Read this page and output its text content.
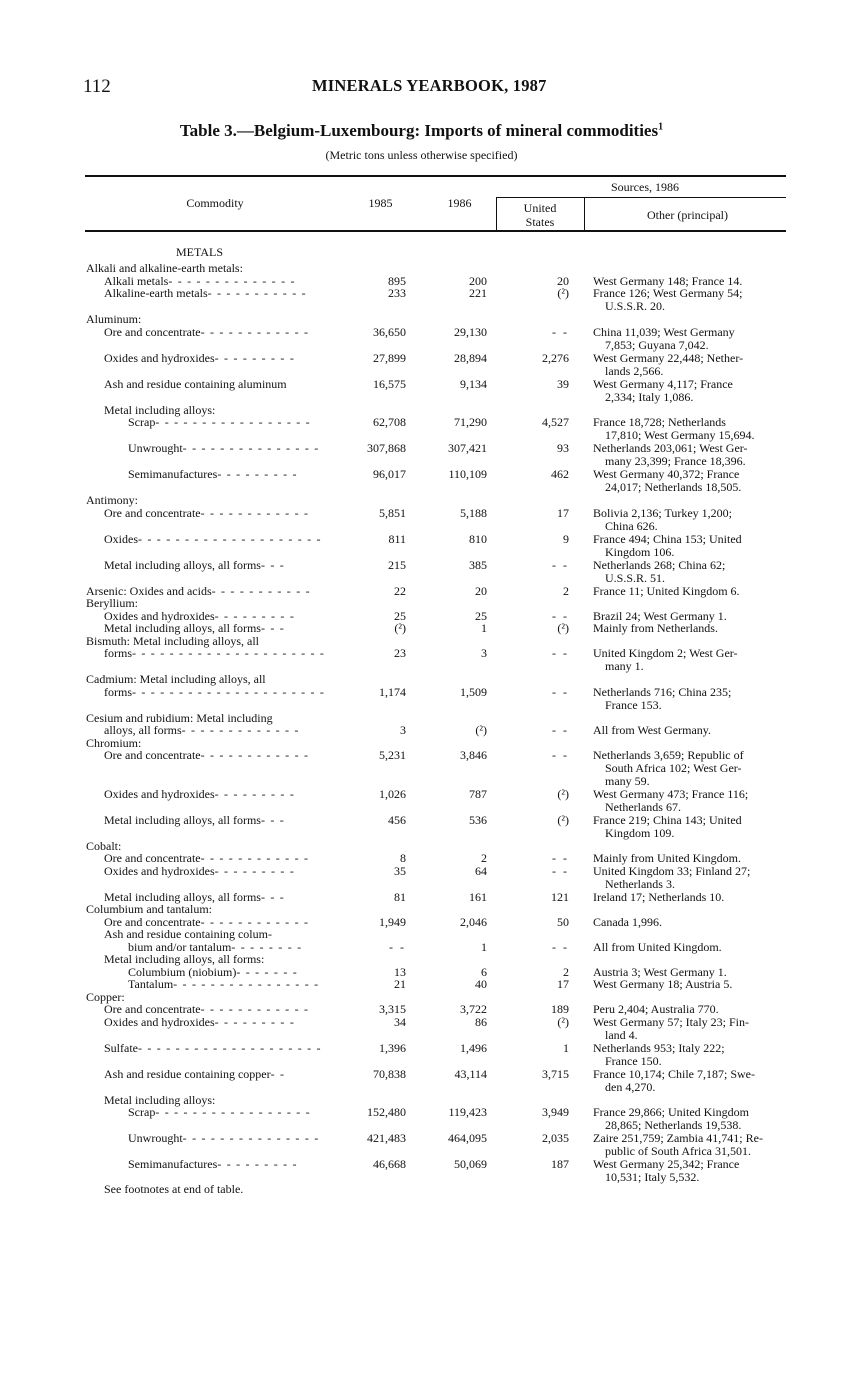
112	MINERALS YEARBOOK, 1987
Table 3.—Belgium-Luxembourg: Imports of mineral commodities$^1$
(Metric tons unless otherwise specified)
Commodity	1985	1986
Sources, 1986
United
States	Other (principal)
METALS
Alkali and alkaline-earth metals:
Alkali metals- - - - - - - - - - - - - -	895	200	20 West Germany 148; France 14.
Alkaline-earth metals- - - - - - - - - - -	233	221	(²) France 126; West Germany 54;
U.S.S.R. 20.
Aluminum:
Ore and concentrate- - - - - - - - - - - -	36,650	29,130	- - China 11,039; West Germany
7,853; Guyana 7,042.
Oxides and hydroxides- - - - - - - - -	27,899	28,894	2,276 West Germany 22,448; Nether-
lands 2,566.
Ash and residue containing aluminum	16,575	9,134	39 West Germany 4,117; France
2,334; Italy 1,086.
Metal including alloys:
Scrap- - - - - - - - - - - - - - - - -	62,708	71,290	4,527 France 18,728; Netherlands
17,810; West Germany 15,694.
Unwrought- - - - - - - - - - - - - - -	307,868	307,421	93 Netherlands 203,061; West Ger-
many 23,399; France 18,396.
Semimanufactures- - - - - - - - -	96,017	110,109	462 West Germany 40,372; France
24,017; Netherlands 18,505.
Antimony:
Ore and concentrate- - - - - - - - - - - -	5,851	5,188	17 Bolivia 2,136; Turkey 1,200;
China 626.
Oxides- - - - - - - - - - - - - - - - - - - -	811	810	9 France 494; China 153; United
Kingdom 106.
Metal including alloys, all forms- - -	215	385	- - Netherlands 268; China 62;
U.S.S.R. 51.
Arsenic: Oxides and acids- - - - - - - - - - -	22	20	2 France 11; United Kingdom 6.
Beryllium:
Oxides and hydroxides- - - - - - - - -	25	25	- - Brazil 24; West Germany 1.
Metal including alloys, all forms- - -	(²)	1	(²) Mainly from Netherlands.
Bismuth: Metal including alloys, all
forms- - - - - - - - - - - - - - - - - - - - -	23	3	- - United Kingdom 2; West Ger-
many 1.
Cadmium: Metal including alloys, all
forms- - - - - - - - - - - - - - - - - - - - -	1,174	1,509	- - Netherlands 716; China 235;
France 153.
Cesium and rubidium: Metal including
alloys, all forms- - - - - - - - - - - - -	3	(²)	- - All from West Germany.
Chromium:
Ore and concentrate- - - - - - - - - - - -	5,231	3,846	- - Netherlands 3,659; Republic of
South Africa 102; West Ger-
many 59.
Oxides and hydroxides- - - - - - - - -	1,026	787	(²) West Germany 473; France 116;
Netherlands 67.
Metal including alloys, all forms- - -	456	536	(²) France 219; China 143; United
Kingdom 109.
Cobalt:
Ore and concentrate- - - - - - - - - - - -	8	2	- - Mainly from United Kingdom.
Oxides and hydroxides- - - - - - - - -	35	64	- - United Kingdom 33; Finland 27;
Netherlands 3.
Metal including alloys, all forms- - -	81	161	121 Ireland 17; Netherlands 10.
Columbium and tantalum:
Ore and concentrate- - - - - - - - - - - -	1,949	2,046	50 Canada 1,996.
Ash and residue containing colum-
bium and/or tantalum- - - - - - - -	- -	1	- - All from United Kingdom.
Metal including alloys, all forms:
Columbium (niobium)- - - - - - -	13	6	2 Austria 3; West Germany 1.
Tantalum- - - - - - - - - - - - - - - -	21	40	17 West Germany 18; Austria 5.
Copper:
Ore and concentrate- - - - - - - - - - - -	3,315	3,722	189 Peru 2,404; Australia 770.
Oxides and hydroxides- - - - - - - - -	34	86	(²) West Germany 57; Italy 23; Fin-
land 4.
Sulfate- - - - - - - - - - - - - - - - - - - -	1,396	1,496	1 Netherlands 953; Italy 222;
France 150.
Ash and residue containing copper- -	70,838	43,114	3,715 France 10,174; Chile 7,187; Swe-
den 4,270.
Metal including alloys:
Scrap- - - - - - - - - - - - - - - - -	152,480	119,423	3,949 France 29,866; United Kingdom
28,865; Netherlands 19,538.
Unwrought- - - - - - - - - - - - - - -	421,483	464,095	2,035 Zaire 251,759; Zambia 41,741; Re-
public of South Africa 31,501.
Semimanufactures- - - - - - - - -	46,668	50,069	187 West Germany 25,342; France
10,531; Italy 5,532.
See footnotes at end of table.
